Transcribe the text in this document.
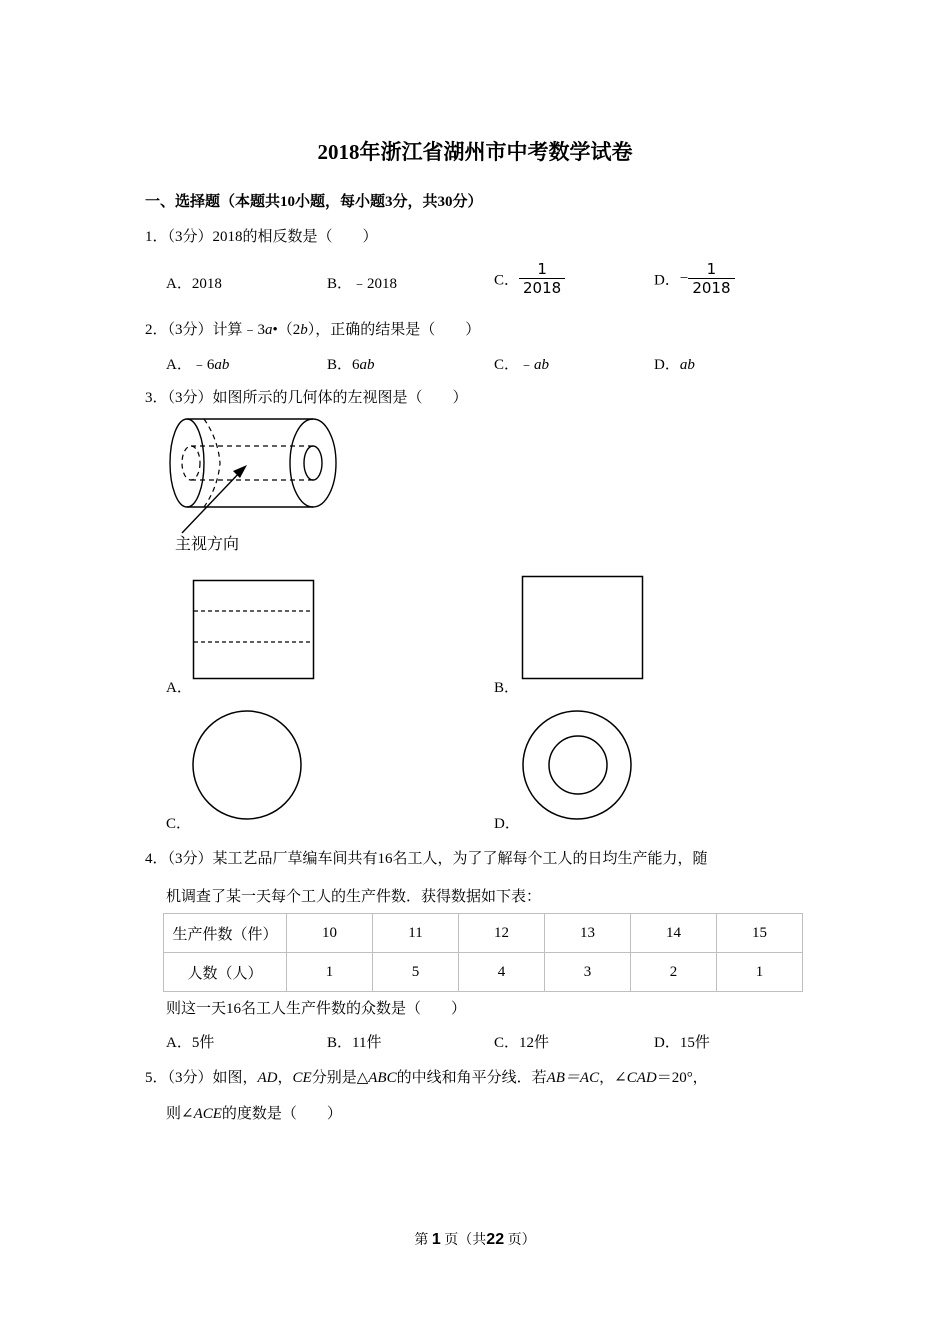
2018年浙江省湖州市中考数学试卷
一、选择题（本题共10小题，每小题3分，共30分）
1．（3分）2018的相反数是（　　）
A．2018	B．﹣2018	C． $\frac{1}{2018}$	D．− $\frac{1}{2018}$
2．（3分）计算﹣3a•（2b），正确的结果是（　　）
A．﹣6ab	B．6ab	C．﹣ab	D．ab
3．（3分）如图所示的几何体的左视图是（　　）
主视方向
A．	B．
C．	D．
4．（3分）某工艺品厂草编车间共有16名工人，为了了解每个工人的日均生产能力，随
机调查了某一天每个工人的生产件数．获得数据如下表：
生产件数（件）	10	11	12	13	14	15
人数（人）	1	5	4	3	2	1
则这一天16名工人生产件数的众数是（　　）
A．5件	B．11件	C．12件	D．15件
5．（3分）如图，AD，CE分别是△ABC的中线和角平分线．若AB＝AC，∠CAD＝20°，
则∠ACE的度数是（　　）
第 1 页（共22 页）
